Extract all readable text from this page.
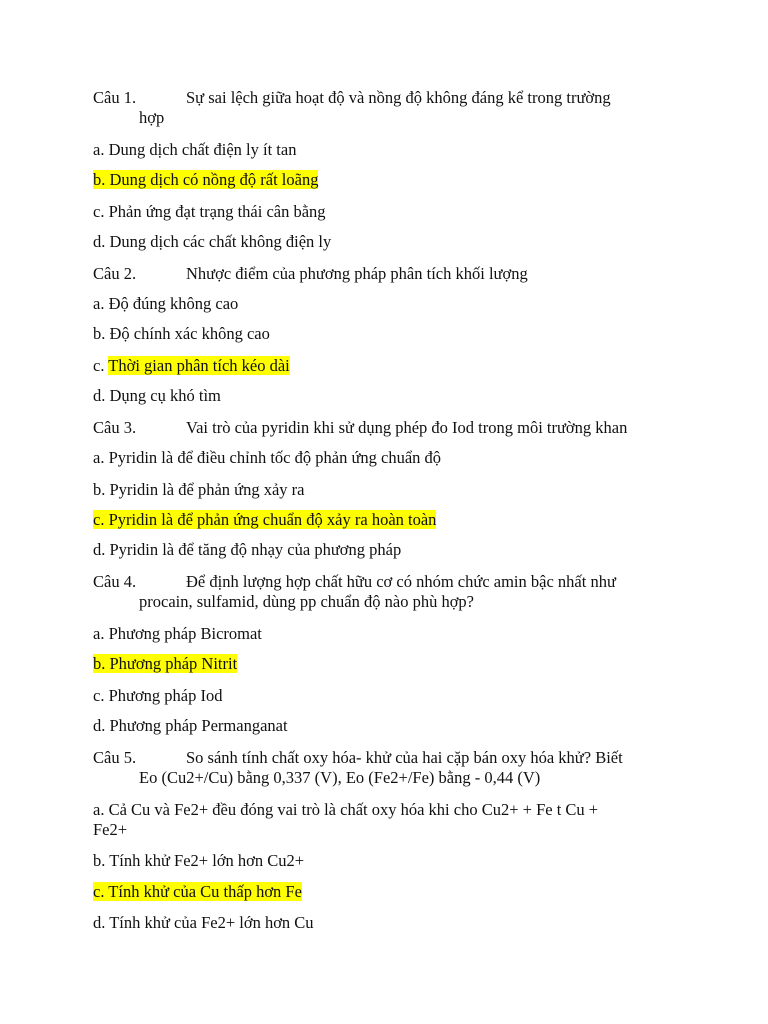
Câu 1.	Sự sai lệch giữa hoạt độ và nồng độ không đáng kể trong trường
hợp
a. Dung dịch chất điện ly ít tan
b. Dung dịch có nồng độ rất loãng
c. Phản ứng đạt trạng thái cân bằng
d. Dung dịch các chất không điện ly
Câu 2.	Nhược điểm của phương pháp phân tích khối lượng
a. Độ đúng không cao
b. Độ chính xác không cao
c. Thời gian phân tích kéo dài
d. Dụng cụ khó tìm
Câu 3.	Vai trò của pyridin khi sử dụng phép đo Iod trong môi trường khan
a. Pyridin là để điều chỉnh tốc độ phản ứng chuẩn độ
b. Pyridin là để phản ứng xảy ra
c. Pyridin là để phản ứng chuẩn độ xảy ra hoàn toàn
d. Pyridin là để tăng độ nhạy của phương pháp
Câu 4.	Để định lượng hợp chất hữu cơ có nhóm chức amin bậc nhất như
procain, sulfamid, dùng pp chuẩn độ nào phù hợp?
a. Phương pháp Bicromat
b. Phương pháp Nitrit
c. Phương pháp Iod
d. Phương pháp Permanganat
Câu 5.	So sánh tính chất oxy hóa- khử của hai cặp bán oxy hóa khử? Biết
Eo (Cu2+/Cu) bằng 0,337 (V), Eo (Fe2+/Fe) bằng - 0,44 (V)
a. Cả Cu và Fe2+ đều đóng vai trò là chất oxy hóa khi cho Cu2+ + Fe t Cu +
Fe2+
b. Tính khử Fe2+ lớn hơn Cu2+
c. Tính khử của Cu thấp hơn Fe
d. Tính khử của Fe2+ lớn hơn Cu
